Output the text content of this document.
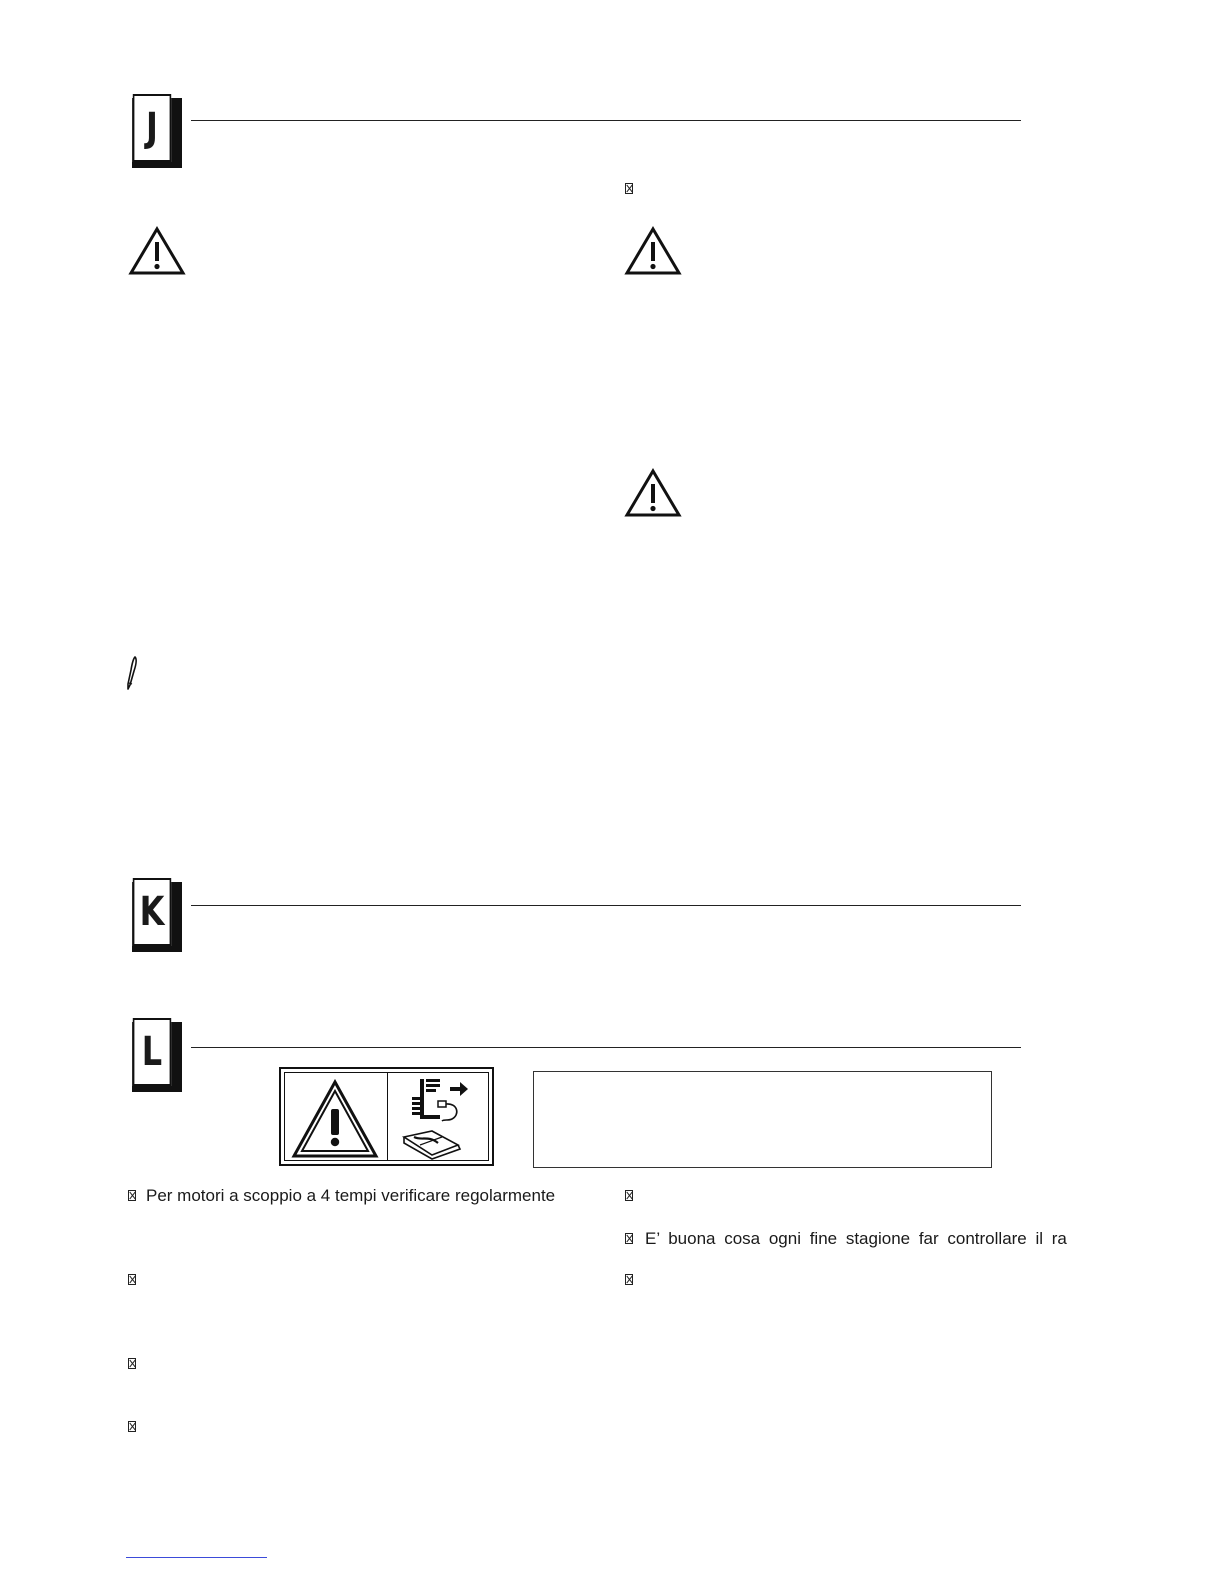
J
K
L
Per motori a scoppio a 4 tempi verificare regolarmente
E’ buona cosa ogni fine stagione far controllare il ra
